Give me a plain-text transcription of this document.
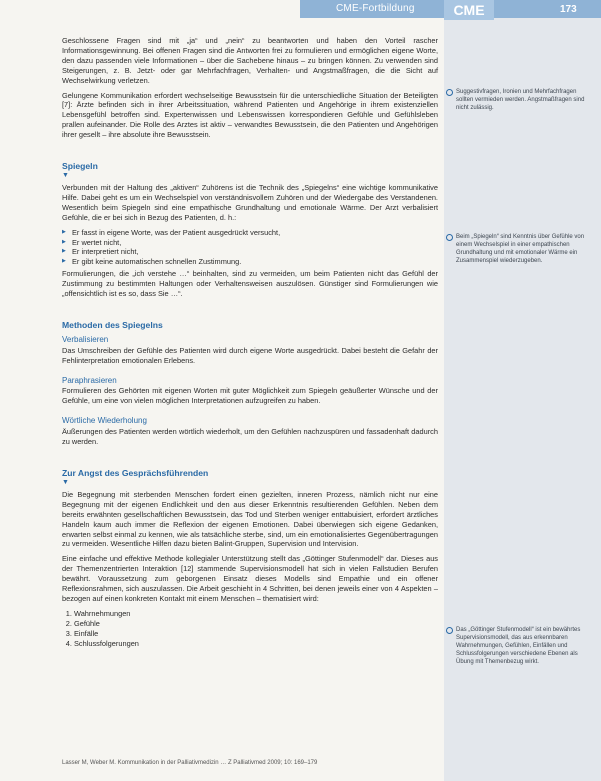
CME-Fortbildung	CME	173

Geschlossene Fragen sind mit „ja“ und „nein“ zu beantworten und haben den Vorteil rascher Informationsgewinnung. Bei offenen Fragen sind die Antworten frei zu formulieren und ermöglichen eigene Worte, den dazu passenden viele Informationen – über die Sachebene hinaus – zu bringen können. Zu verwenden sind Steigerungen, z. B. Jetzt- oder gar Mehrfachfragen, Verhalten- und Angstmaßfragen, die die Sicht auf Wechselwirkung verletzen.

Gelungene Kommunikation erfordert wechselseitige Bewusstsein für die unterschiedliche Situation der Beteiligten [7]: Ärzte befinden sich in ihrer Arbeitssituation, während Patienten und Angehörige in ihrem existenziellen Lebensgefühl betroffen sind. Expertenwissen und Lebenswissen korrespondieren Gefühle und Gefühlsleben prallen aufeinander. Die Rolle des Arztes ist aktiv – verwandtes Bewusstsein, die den Patienten und Angehörigen ihrer gesellt – ihre absolute ihre Bewusstsein.

Spiegeln
▼

Verbunden mit der Haltung des „aktiven“ Zuhörens ist die Technik des „Spiegelns“ eine wichtige kommunikative Hilfe. Dabei geht es um ein Wechselspiel von verständnisvollem Zuhören und der Wiedergabe des Verstandenen. Wesentlich beim Spiegeln sind eine empathische Grundhaltung und emotionale Wärme. Der Arzt verbalisiert Gefühle, die er bei sich in Bezug des Patienten, d. h.:

▶ Er fasst in eigene Worte, was der Patient ausgedrückt versucht,
▶ Er wertet nicht,
▶ Er interpretiert nicht,
▶ Er gibt keine automatischen schnellen Zustimmung.

Formulierungen, die „ich verstehe …“ beinhalten, sind zu vermeiden, um beim Patienten nicht das Gefühl der Zustimmung zu bestimmten Haltungen oder Verhaltensweisen auszulösen. Günstiger sind Formulierungen wie „offensichtlich ist es so, dass Sie …“.

Methoden des Spiegelns
Verbalisieren

Das Umschreiben der Gefühle des Patienten wird durch eigene Worte ausgedrückt. Dabei besteht die Gefahr der Fehlinterpretation emotionalen Erlebens.

Paraphrasieren

Formulieren des Gehörten mit eigenen Worten mit guter Möglichkeit zum Spiegeln geäußerter Wünsche und der Gefühle, um eine von vielen möglichen Interpretationen aufzugreifen zu haben.

Wörtliche Wiederholung

Äußerungen des Patienten werden wörtlich wiederholt, um den Gefühlen nachzuspüren und fassadenhaft dadurch zu werden.

Zur Angst des Gesprächsführenden
▼

Die Begegnung mit sterbenden Menschen fordert einen gezielten, inneren Prozess, nämlich nicht nur eine Begegnung mit der eigenen Endlichkeit und den aus dieser Erkenntnis resultierenden Gefühlen. Neben dem bereits erwähnten gesellschaftlichen Bewusstsein, das Tod und Sterben weniger enttabuisiert, erfordert ärztliches Handeln kaum auch immer die Reflexion der eigenen Emotionen. Dabei überwiegen sich eigene Gedanken, erwarten selbst einmal zu kennen, wie als tatsächliche sterbe, sind, um ein emotionalisiertes Gegenübertragungen zu vermeiden. Wesentliche Hilfen dazu bieten Balint-Gruppen, Supervision und Intervision.

Eine einfache und effektive Methode kollegialer Unterstützung stellt das „Göttinger Stufenmodell“ dar. Dieses aus der Themenzentrierten Interaktion [12] stammende Supervisionsmodell hat sich in vielen Fallstudien Berufen bewährt. Voraussetzung zum geborgenen Einsatz dieses Modells sind Empathie und ein offener Reflexionsrahmen, sich auszulassen. Die Arbeit geschieht in 4 Schritten, bei denen jeweils einer von 4 Aspekten – bezogen auf einen konkreten Kontakt mit einem Menschen – thematisiert wird:

1. Wahrnehmungen
2. Gefühle
3. Einfälle
4. Schlussfolgerungen
Suggestivfragen, Ironien und Mehrfachfragen sollten vermieden werden. Angstmaßfragen sind nicht zulässig.
Beim „Spiegeln“ sind Kenntnis über Gefühle von einem Wechselspiel in einer empathischen Grundhaltung und mit emotionaler Wärme ein Zusammenspiel wiederzugeben.
Das „Göttinger Stufenmodell“ ist ein bewährtes Supervisionsmodell, das aus erkennbaren Wahrnehmungen, Gefühlen, Einfällen und Schlussfolgerungen verschiedene Ebenen als Übung mit Themenbezug wirkt.
Lasser M, Weber M. Kommunikation in der Palliativmedizin … Z Palliativmed 2009; 10: 169–179
